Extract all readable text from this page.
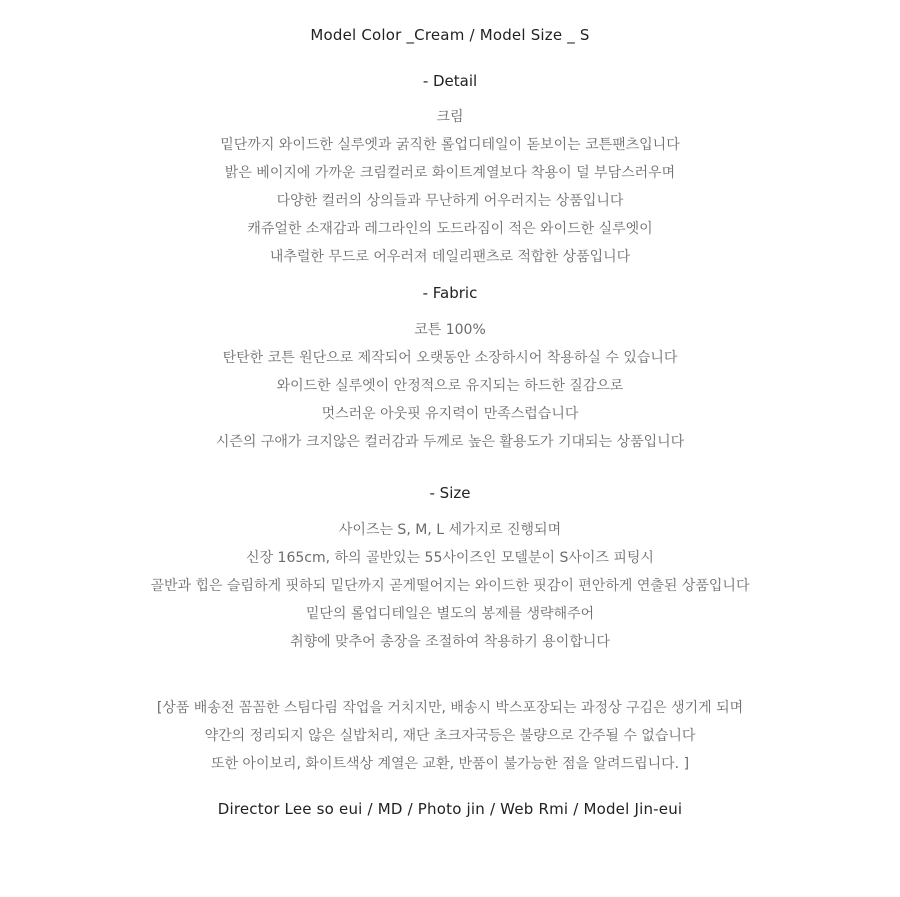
Model Color _Cream / Model Size _ S
- Detail
크림
밑단까지 와이드한 실루엣과 굵직한 롤업디테일이 돋보이는 코튼팬츠입니다
밝은 베이지에 가까운 크림컬러로 화이트계열보다 착용이 덜 부담스러우며
다양한 컬러의 상의들과 무난하게 어우러지는 상품입니다
캐쥬얼한 소재감과 레그라인의 도드라짐이 적은 와이드한 실루엣이
내추럴한 무드로 어우러져 데일리팬츠로 적합한 상품입니다
- Fabric
코튼 100%
탄탄한 코튼 원단으로 제작되어 오랫동안 소장하시어 착용하실 수 있습니다
와이드한 실루엣이 안정적으로 유지되는 하드한 질감으로
멋스러운 아웃핏 유지력이 만족스럽습니다
시즌의 구애가 크지않은 컬러감과 두께로 높은 활용도가 기대되는 상품입니다
- Size
사이즈는 S, M, L 세가지로 진행되며
신장 165cm, 하의 골반있는 55사이즈인 모델분이 S사이즈 피팅시
골반과 힙은 슬림하게 핏하되 밑단까지 곧게떨어지는 와이드한 핏감이 편안하게 연출된 상품입니다
밑단의 롤업디테일은 별도의 봉제를 생략해주어
취향에 맞추어 총장을 조절하여 착용하기 용이합니다
[상품 배송전 꼼꼼한 스팀다림 작업을 거치지만, 배송시 박스포장되는 과정상 구김은 생기게 되며
약간의 정리되지 않은 실밥처리, 재단 초크자국등은 불량으로 간주될 수 없습니다
또한 아이보리, 화이트색상 계열은 교환, 반품이 불가능한 점을 알려드립니다. ]
Director Lee so eui / MD / Photo jin / Web Rmi / Model Jin-eui
